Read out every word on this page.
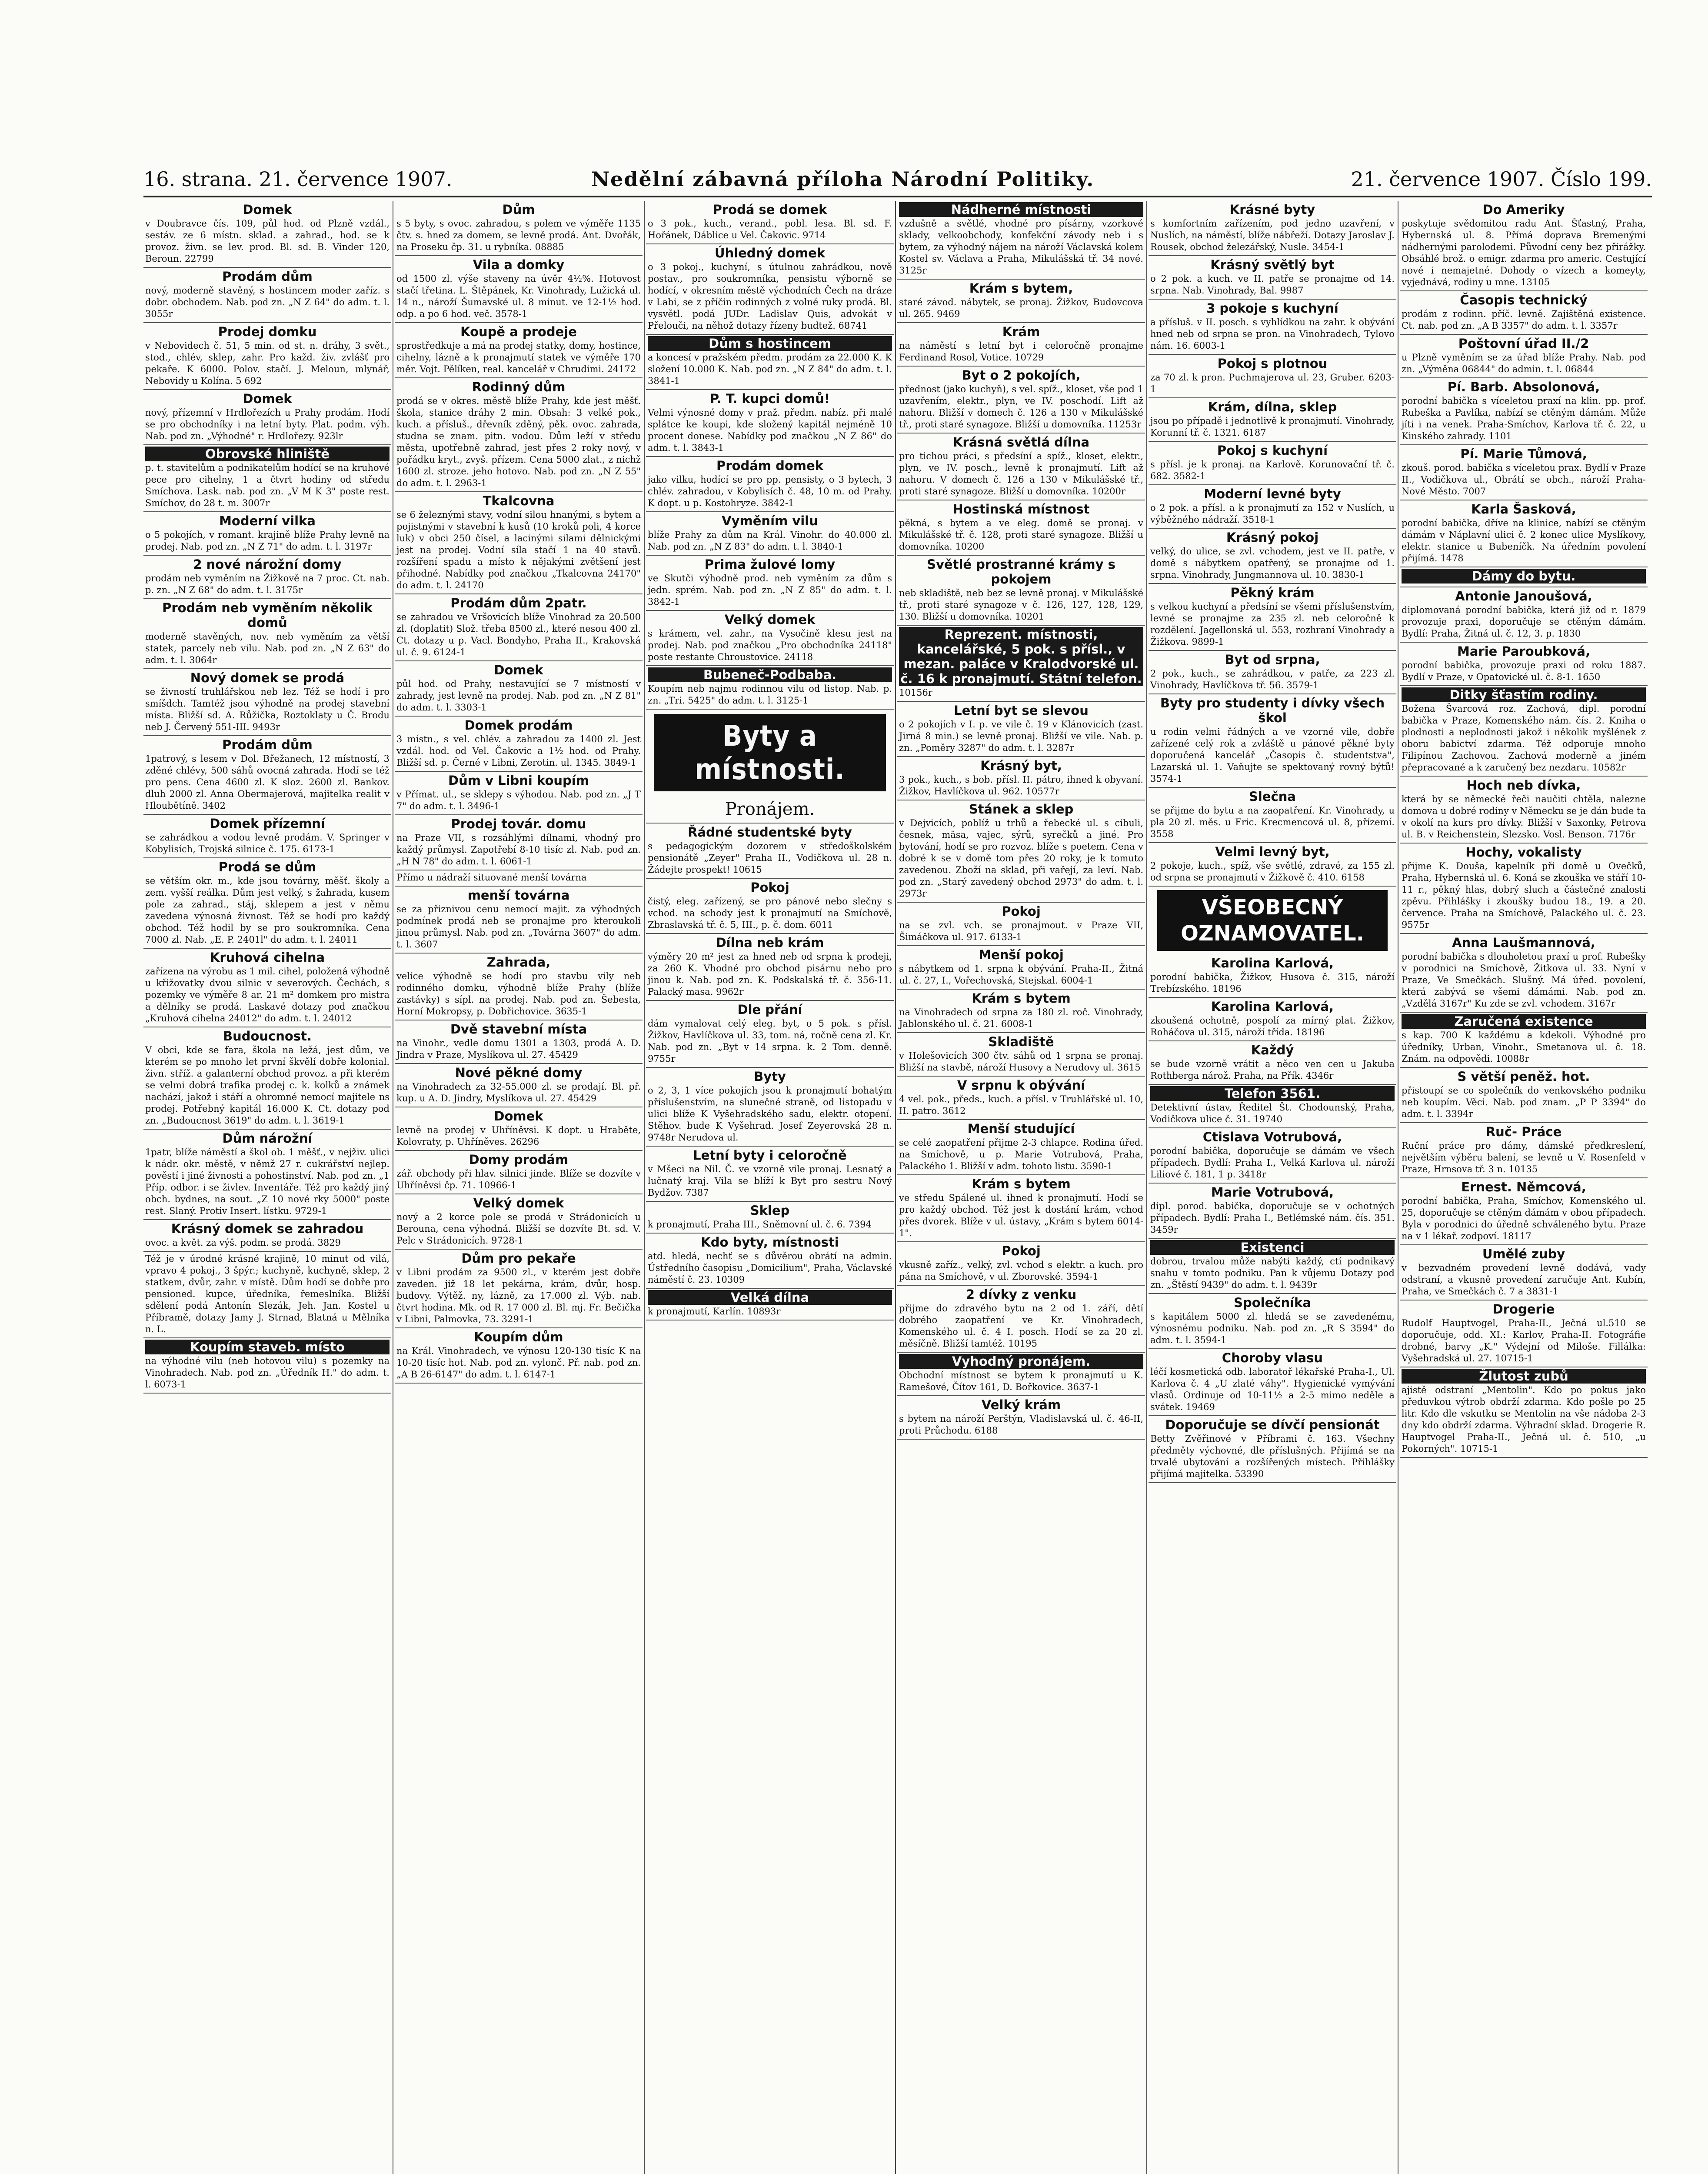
16. strana. 21. července 1907.	Nedělní zábavná příloha Národní Politiky.	21. července 1907. Číslo 199.
Domek

v Doubravce čís. 109, půl hod. od Plzně vzdál., sestáv. ze 6 místn. sklad. a zahrad., hod. se k provoz. živn. se lev. prod. Bl. sd. B. Vinder 120, Beroun. 22799

Prodám dům

nový, moderně stavěný, s hostincem moder zaříz. s dobr. obchodem. Nab. pod zn. „N Z 64" do adm. t. l. 3055r

Prodej domku

v Nebovidech č. 51, 5 min. od st. n. dráhy, 3 svět., stod., chlév, sklep, zahr. Pro každ. živ. zvlášť pro pekaře. K 6000. Polov. stačí. J. Meloun, mlynář, Nebovidy u Kolína. 5 692

Domek

nový, přízemní v Hrdlořezích u Prahy prodám. Hodí se pro obchodníky i na letní byty. Plat. podm. výh. Nab. pod zn. „Výhodné" r. Hrdlořezy. 923lr

Obrovské hliniště

p. t. stavitelům a podnikatelům hodící se na kruhové pece pro cihelny, 1 a čtvrt hodiny od středu Smíchova. Lask. nab. pod zn. „V M K 3" poste rest. Smíchov, do 28 t. m. 3007r

Moderní vilka

o 5 pokojích, v romant. krajině blíže Prahy levně na prodej. Nab. pod zn. „N Z 71" do adm. t. l. 3197r

2 nové nárožní domy

prodám neb vyměním na Žižkově na 7 proc. Ct. nab. p. zn. „N Z 68" do adm. t. l. 3175r

Prodám neb vyměním několik domů

moderně stavěných, nov. neb vyměním za větší statek, parcely neb vilu. Nab. pod zn. „N Z 63" do adm. t. l. 3064r

Nový domek se prodá

se živností truhlářskou neb lez. Též se hodí i pro smíšdch. Tamtéž jsou výhodně na prodej stavební místa. Bližší sd. A. Růžička, Roztoklaty u Č. Brodu neb J. Červený 551-III. 9493r

Prodám dům

1patrový, s lesem v Dol. Břežanech, 12 místností, 3 zděné chlévy, 500 sáhů ovocná zahrada. Hodí se též pro pens. Cena 4600 zl. K sloz. 2600 zl. Bankov. dluh 2000 zl. Anna Obermajerová, majitelka realit v Hloubětíně. 3402

Domek přízemní

se zahrádkou a vodou levně prodám. V. Springer v Kobylisích, Trojská silnice č. 175. 6173-1

Prodá se dům

se větším okr. m., kde jsou továrny, měšť. školy a zem. vyšší reálka. Dům jest velký, s žahrada, kusem pole za zahrad., stáj, sklepem a jest v němu zavedena výnosná živnost. Též se hodí pro každý obchod. Též hodil by se pro soukromníka. Cena 7000 zl. Nab. „E. P. 2401l" do adm. t. l. 24011

Kruhová cihelna

zařízena na výrobu as 1 mil. cihel, položená výhodně u křižovatky dvou silnic v severových. Čechách, s pozemky ve výměře 8 ar. 21 m² domkem pro mistra a dělníky se prodá. Laskavé dotazy pod značkou „Kruhová cihelna 24012" do adm. t. l. 24012

Budoucnost.

V obci, kde se fara, škola na ležá, jest dům, ve kterém se po mnoho let první škvělí dobře kolonial. živn. stříž. a galanterní obchod provoz. a při kterém se velmi dobrá trafika prodej c. k. kolků a známek nachází, jakož i stáří a ohromné nemocí majitele ns prodej. Potřebný kapitál 16.000 K. Ct. dotazy pod zn. „Budoucnost 3619" do adm. t. l. 3619-1

Dům nárožní

1patr, blíže náměstí a škol ob. 1 měšť., v nejživ. ulici k nádr. okr. městě, v němž 27 r. cukrářství nejlep. pověstí i jiné živnosti a pohostinství. Nab. pod zn. „1 Příp. odbor. i se živlev. Inventáře. Též pro každý jiný obch. bydnes, na sout. „Z 10 nové rky 5000" poste rest. Slaný. Protiv Insert. lístku. 9729-1

Krásný domek se zahradou

ovoc. a květ. za výš. podm. se prodá. 3829

Též je v úrodné krásné krajině, 10 minut od vilá, vpravo 4 pokoj., 3 špýr.; kuchyně, kuchyně, sklep, 2 statkem, dvůr, zahr. v místě. Dům hodí se dobře pro pensioned. kupce, úředníka, řemeslníka. Bližší sdělení podá Antonín Slezák, Jeh. Jan. Kostel u Příbramě, dotazy Jamy J. Strnad, Blatná u Mělníka n. L.

Koupím staveb. místo

na výhodné vilu (neb hotovou vilu) s pozemky na Vinohradech. Nab. pod zn. „Úředník H." do adm. t. l. 6073-1

Dům

s 5 byty, s ovoc. zahradou, s polem ve výměře 1135 čtv. s. hned za domem, se levně prodá. Ant. Dvořák, na Proseku čp. 31. u rybníka. 08885

Vila a domky

od 1500 zl. výše staveny na úvěr 4½%. Hotovost stačí třetina. L. Štěpánek, Kr. Vinohrady, Lužická ul. 14 n., nároží Šumavské ul. 8 minut. ve 12-1½ hod. odp. a po 6 hod. več. 3578-1

Koupě a prodeje

sprostředkuje a má na prodej statky, domy, hostince, cihelny, lázně a k pronajmutí statek ve výměře 170 měr. Vojt. Pělíken, real. kancelář v Chrudimi. 24172

Rodinný dům

prodá se v okres. městě blíže Prahy, kde jest měšť. škola, stanice dráhy 2 min. Obsah: 3 velké pok., kuch. a přísluš., dřevník zděný, pěk. ovoc. zahrada, studna se znam. pitn. vodou. Dům leží v středu města, upotřebně zahrad, jest přes 2 roky nový, v pořádku kryt., zvyš. přízem. Cena 5000 zlat., z nichž 1600 zl. stroze. jeho hotovo. Nab. pod zn. „N Z 55" do adm. t. l. 2963-1

Tkalcovna

se 6 železnými stavy, vodní silou hnanými, s bytem a pojistnými v stavební k kusů (10 kroků poli, 4 korce luk) v obci 250 čísel, a lacinými silami dělnickými jest na prodej. Vodní síla stačí 1 na 40 stavů. rozšíření spadu a místo k nějakými zvětšení jest přihodné. Nabídky pod značkou „Tkalcovna 24170" do adm. t. l. 24170

Prodám dům 2patr.

se zahradou ve Vršovicích blíže Vinohrad za 20.500 zl. (doplatit) Slož. třeba 8500 zl., které nesou 400 zl. Ct. dotazy u p. Vacl. Bondyho, Praha II., Krakovská ul. č. 9. 6124-1

Domek

půl hod. od Prahy, nestavující se 7 místností v zahrady, jest levně na prodej. Nab. pod zn. „N Z 81" do adm. t. l. 3303-1

Domek prodám

3 místn., s vel. chlév. a zahradou za 1400 zl. Jest vzdál. hod. od Vel. Čakovic a 1½ hod. od Prahy. Bližší sd. p. Černé v Libni, Zerotin. ul. 1345. 3849-1

Dům v Libni koupím

v Přímat. ul., se sklepy s výhodou. Nab. pod zn. „J T 7" do adm. t. l. 3496-1

Prodej továr. domu

na Praze VII, s rozsáhlými dílnami, vhodný pro každý průmysl. Zapotřebí 8-10 tisíc zl. Nab. pod zn. „H N 78" do adm. t. l. 6061-1

Přímo u nádraží situované menší továrna

menší továrna

se za přiznivou cenu nemocí majit. za výhodných podmínek prodá neb se pronajme pro kteroukoli jinou průmysl. Nab. pod zn. „Továrna 3607" do adm. t. l. 3607

Zahrada,

velice výhodně se hodí pro stavbu vily neb rodinného domku, výhodně blíže Prahy (blíže zastávky) s sípl. na prodej. Nab. pod zn. Šebesta, Horní Mokropsy, p. Dobřichovice. 3635-1

Dvě stavební místa

na Vinohr., vedle domu 1301 a 1303, prodá A. D. Jindra v Praze, Myslíkova ul. 27. 45429

Nové pěkné domy

na Vinohradech za 32-55.000 zl. se prodají. Bl. př. kup. u A. D. Jindry, Myslíkova ul. 27. 45429

Domek

levně na prodej v Uhříněvsi. K dopt. u Hraběte, Kolovraty, p. Uhříněves. 26296

Domy prodám

zář. obchody při hlav. silnici jinde. Blíže se dozvíte v Uhříněvsi čp. 71. 10966-1

Velký domek

nový a 2 korce pole se prodá v Strádonicích u Berouna, cena výhodná. Bližší se dozvíte Bt. sd. V. Pelc v Strádonicích. 9728-1

Dům pro pekaře

v Libni prodám za 9500 zl., v kterém jest dobře zaveden. již 18 let pekárna, krám, dvůr, hosp. budovy. Výtěž. ny, lázně, za 17.000 zl. Výb. nab. čtvrt hodina. Mk. od R. 17 000 zl. Bl. mj. Fr. Bečička v Libni, Palmovka, 73. 3291-1

Koupím dům

na Král. Vinohradech, ve výnosu 120-130 tisíc K na 10-20 tisíc hot. Nab. pod zn. vylonč. Př. nab. pod zn. „A B 26-6147" do adm. t. l. 6147-1

Prodá se domek

o 3 pok., kuch., verand., pobl. lesa. Bl. sd. F. Hořánek, Dáblice u Vel. Čakovic. 9714

Úhledný domek

o 3 pokoj., kuchyní, s útulnou zahrádkou, nově postav., pro soukromníka, pensistu výborně se hodící, v okresním městě východních Čech na dráze v Labi, se z příčin rodinných z volné ruky prodá. Bl. vysvětl. podá JUDr. Ladislav Quis, advokát v Přelouči, na něhož dotazy řízeny budtež. 68741

Dům s hostincem

a koncesí v pražském předm. prodám za 22.000 K. K složení 10.000 K. Nab. pod zn. „N Z 84" do adm. t. l. 3841-1

P. T. kupci domů!

Velmi výnosné domy v praž. předm. nabíz. při malé splátce ke koupi, kde složený kapitál nejméně 10 procent donese. Nabídky pod značkou „N Z 86" do adm. t. l. 3843-1

Prodám domek

jako vilku, hodící se pro pp. pensisty, o 3 bytech, 3 chlév. zahradou, v Kobylisích č. 48, 10 m. od Prahy. K dopt. u p. Kostohryze. 3842-1

Vyměním vilu

blíže Prahy za dům na Král. Vinohr. do 40.000 zl. Nab. pod zn. „N Z 83" do adm. t. l. 3840-1

Prima žulové lomy

ve Skutči výhodně prod. neb vyměním za dům s jedn. sprém. Nab. pod zn. „N Z 85" do adm. t. l. 3842-1

Velký domek

s krámem, vel. zahr., na Vysočině klesu jest na prodej. Nab. pod značkou „Pro obchodníka 24118" poste restante Chroustovice. 24118

Bubeneč-Podbaba.

Koupím neb najmu rodinnou vilu od listop. Nab. p. zn. „Tri. 5425" do adm. t. l. 3125-1

Byty a místnosti.
Pronájem.
Řádné studentské byty

s pedagogickým dozorem v středoškolském pensionátě „Zeyer" Praha II., Vodičkova ul. 28 n. Žádejte prospekt! 10615

Pokoj

čistý, eleg. zařízený, se pro pánové nebo slečny s vchod. na schody jest k pronajmutí na Smíchově, Zbraslavská tř. č. 5, III., p. č. dom. 6011

Dílna neb krám

výměry 20 m² jest za hned neb od srpna k prodeji, za 260 K. Vhodné pro obchod pisárnu nebo pro jinou k. Nab. pod zn. K. Podskalská tř. č. 356-11. Palacký masa. 9962r

Dle přání

dám vymalovat celý eleg. byt, o 5 pok. s přísl. Žižkov, Havlíčkova ul. 33, tom. ná, ročně cena zl. Kr. Nab. pod zn. „Byt v 14 srpna. k. 2 Tom. denně. 9755r

Byty

o 2, 3, 1 více pokojích jsou k pronajmutí bohatým příslušenstvím, na slunečné straně, od listopadu v ulici blíže K Vyšehradského sadu, elektr. otopení. Stěhov. bude K Vyšehrad. Josef Zeyerovská 28 n. 9748r Nerudova ul.

Letní byty i celoročně

v Mšeci na Nil. Č. ve vzorně vile pronaj. Lesnatý a lučnatý kraj. Vila se blíží k Byt pro sestru Nový Bydžov. 7387

Sklep

k pronajmutí, Praha III., Sněmovní ul. č. 6. 7394

Kdo byty, místnosti

atd. hledá, nechť se s důvěrou obrátí na admin. Ústředního časopisu „Domicilium", Praha, Václavské náměstí č. 23. 10309

Velká dílna

k pronajmutí, Karlín. 10893r

Nádherné místnosti

vzdušně a světlé, vhodné pro písárny, vzorkové sklady, velkoobchody, konfekční závody neb i s bytem, za výhodný nájem na nároží Václavská kolem Kostel sv. Václava a Praha, Mikulášská tř. 34 nové. 3125r

Krám s bytem,

staré závod. nábytek, se pronaj. Žižkov, Budovcova ul. 265. 9469

Krám

na náměstí s letní byt i celoročně pronajme Ferdinand Rosol, Votice. 10729

Byt o 2 pokojích,

přednost (jako kuchyň), s vel. spíž., kloset, vše pod 1 uzavřením, elektr., plyn, ve IV. poschodí. Lift až nahoru. Bližší v domech č. 126 a 130 v Mikulášské tř., proti staré synagoze. Bližší u domovníka. 11253r

Krásná světlá dílna

pro tichou práci, s předsíní a spíž., kloset, elektr., plyn, ve IV. posch., levně k pronajmutí. Lift až nahoru. V domech č. 126 a 130 v Mikulášské tř., proti staré synagoze. Bližší u domovníka. 10200r

Hostinská místnost

pěkná, s bytem a ve eleg. domě se pronaj. v Mikulášské tř. č. 128, proti staré synagoze. Bližší u domovníka. 10200

Světlé prostranné krámy s pokojem

neb skladiště, neb bez se levně pronaj. v Mikulášské tř., proti staré synagoze v č. 126, 127, 128, 129, 130. Bližší u domovníka. 10201

Reprezent. místnosti, kancelářské, 5 pok. s přísl., v mezan. paláce v Kralodvorské ul. č. 16 k pronajmutí. Státní telefon.

10156r

Letní byt se slevou

o 2 pokojích v I. p. ve vile č. 19 v Klánovicích (zast. Jirná 8 min.) se levně pronaj. Bližší ve vile. Nab. p. zn. „Poměry 3287" do adm. t. l. 3287r

Krásný byt,

3 pok., kuch., s bob. přísl. II. pátro, ihned k obyvaní. Žižkov, Havlíčkova ul. 962. 10577r

Stánek a sklep

v Dejvicích, poblíž u trhů a řebecké ul. s cibuli, česnek, mäsa, vajec, sýrů, syrečků a jiné. Pro bytování, hodí se pro rozvoz. blíže s poetem. Cena v dobré k se v domě tom přes 20 roky, je k tomuto zavedenou. Zboží na sklad, při vařejí, za leví. Nab. pod zn. „Starý zavedený obchod 2973" do adm. t. l. 2973r

Pokoj

na se zvl. vch. se pronajmout. v Praze VII, Šimáčkova ul. 917. 6133-1

Menší pokoj

s nábytkem od 1. srpna k obývání. Praha-II., Žitná ul. č. 27, I., Vořechovská, Stejskal. 6004-1

Krám s bytem

na Vinohradech od srpna za 180 zl. roč. Vinohrady, Jablonského ul. č. 21. 6008-1

Skladiště

v Holešovicích 300 čtv. sáhů od 1 srpna se pronaj. Bližší na stavbě, nároží Husovy a Nerudovy ul. 3615

V srpnu k obývání

4 vel. pok., předs., kuch. a přísl. v Truhlářské ul. 10, II. patro. 3612

Menší studující

se celé zaopatření přijme 2-3 chlapce. Rodina úřed. na Smíchově, u p. Marie Votrubová, Praha, Palackého 1. Bližší v adm. tohoto listu. 3590-1

Krám s bytem

ve středu Spálené ul. ihned k pronajmutí. Hodí se pro každý obchod. Též jest k dostání krám, vchod přes dvorek. Blíže v ul. ústavy, „Krám s bytem 6014-1".

Pokoj

vkusně zaříz., velký, zvl. vchod s elektr. a kuch. pro pána na Smíchově, v ul. Zborovské. 3594-1

2 dívky z venku

přijme do zdravého bytu na 2 od 1. září, dětí dobrého zaopatření ve Kr. Vinohradech, Komenského ul. č. 4 I. posch. Hodí se za 20 zl. měsíčně. Bližší tamtéž. 10195

Vyhodný pronájem.

Obchodní místnost se bytem k pronajmutí u K. Ramešové, Čítov 161, D. Bořkovice. 3637-1

Velký krám

s bytem na nároží Perštýn, Vladislavská ul. č. 46-II, proti Průchodu. 6188

Krásné byty

s komfortním zařízením, pod jedno uzavření, v Nuslích, na náměstí, blíže nábřeží. Dotazy Jaroslav J. Rousek, obchod železářský, Nusle. 3454-1

Krásný světlý byt

o 2 pok. a kuch. ve II. patře se pronajme od 14. srpna. Nab. Vinohrady, Bal. 9987

3 pokoje s kuchyní

a přísluš. v II. posch. s vyhlídkou na zahr. k obývání hned neb od srpna se pron. na Vinohradech, Tylovo nám. 16. 6003-1

Pokoj s plotnou

za 70 zl. k pron. Puchmajerova ul. 23, Gruber. 6203-1

Krám, dílna, sklep

jsou po případě i jednotlivě k pronajmutí. Vinohrady, Korunní tř. č. 1321. 6187

Pokoj s kuchyní

s přísl. je k pronaj. na Karlově. Korunovační tř. č. 682. 3582-1

Moderní levné byty

o 2 pok. a přísl. a k pronajmutí za 152 v Nuslích, u výběžného nádraží. 3518-1

Krásný pokoj

velký, do ulice, se zvl. vchodem, jest ve II. patře, v domě s nábytkem opatřený, se pronajme od 1. srpna. Vinohrady, Jungmannova ul. 10. 3830-1

Pěkný krám

s velkou kuchyní a předsíní se všemi příslušenstvím, levné se pronajme za 235 zl. neb celoročně k rozdělení. Jagellonská ul. 553, rozhraní Vinohrady a Žižkova. 9899-1

Byt od srpna,

2 pok., kuch., se zahrádkou, v patře, za 223 zl. Vinohrady, Havlíčkova tř. 56. 3579-1

Byty pro studenty i dívky všech škol

u rodin velmi řádných a ve vzorné vile, dobře zařízené celý rok a zvláště u pánové pěkné byty doporučená kancelář „Časopis č. studentstva", Lazarská ul. 1. Vaňujte se spektovaný rovný býtů! 3574-1

Slečna

se přijme do bytu a na zaopatření. Kr. Vinohrady, u pla 20 zl. měs. u Fric. Krecmencová ul. 8, přízemí. 3558

Velmi levný byt,

2 pokoje, kuch., spíž, vše světlé, zdravé, za 155 zl. od srpna se pronajmutí v Žižkově č. 410. 6158

VŠEOBECNÝ OZNAMOVATEL.
Karolina Karlová,

porodní babička, Žižkov, Husova č. 315, nároží Trebízského. 18196

Karolina Karlová,

zkoušená ochotně, pospolí za mírný plat. Žižkov, Roháčova ul. 315, nároží třída. 18196

Každý

se bude vzorně vrátit a něco ven cen u Jakuba Rothberga nárož. Praha, na Přík. 4346r

Telefon 3561.

Detektivní ústav, Ředitel Št. Chodounský, Praha, Vodičkova ulice č. 31. 19740

Ctislava Votrubová,

porodní babička, doporučuje se dámám ve všech případech. Bydlí: Praha I., Velká Karlova ul. nároží Liliové č. 181, 1 p. 3418r

Marie Votrubová,

dipl. porod. babička, doporučuje se v ochotných případech. Bydlí: Praha I., Betlémské nám. čís. 351. 3459r

Existenci

dobrou, trvalou může nabýti každý, ctí podnikavý snahu v tomto podniku. Pan k vůjemu Dotazy pod zn. „Štěstí 9439" do adm. t. l. 9439r

Společníka

s kapitálem 5000 zl. hledá se se zavedenému, výnosnému podniku. Nab. pod zn. „R S 3594" do adm. t. l. 3594-1

Choroby vlasu

léčí kosmetická odb. laboratoř lékařské Praha-I., Ul. Karlova č. 4 „U zlaté váhy". Hygienické vymývání vlasů. Ordinuje od 10-11½ a 2-5 mimo neděle a svátek. 19469

Doporučuje se dívčí pensionát

Betty Zvěřinové v Příbrami č. 163. Všechny předměty výchovné, dle příslušných. Přijímá se na trvalé ubytování a rozšířených místech. Přihlášky přijímá majitelka. 53390

Do Ameriky

poskytuje svědomitou radu Ant. Šťastný, Praha, Hybernská ul. 8. Přímá doprava Bremenými nádhernými parolodemi. Původní ceny bez přirážky. Obsáhlé brož. o emigr. zdarma pro americ. Cestující nové i nemajetné. Dohody o vízech a komeyty, vyjednává, rodiny u mne. 13105

Časopis technický

prodám z rodinn. příč. levně. Zajištěná existence. Ct. nab. pod zn. „A B 3357" do adm. t. l. 3357r

Poštovní úřad II./2

u Plzně vyměním se za úřad blíže Prahy. Nab. pod zn. „Výměna 06844" do admin. t. l. 06844

Pí. Barb. Absolonová,

porodní babička s víceletou praxí na klin. pp. prof. Rubeška a Pavlíka, nabízí se ctěným dámám. Může jíti i na venek. Praha-Smíchov, Karlova tř. č. 22, u Kinského zahrady. 1101

Pí. Marie Tůmová,

zkouš. porod. babička s víceletou prax. Bydlí v Praze II., Vodičkova ul., Obrátí se obch., nároží Praha-Nové Město. 7007

Karla Šasková,

porodní babička, dříve na klinice, nabízí se ctěným dámám v Náplavní ulici č. 2 konec ulice Myslíkovy, elektr. stanice u Bubeníčk. Na úředním povolení přijímá. 1478

Dámy do bytu.
Antonie Janoušová,

diplomovaná porodní babička, která již od r. 1879 provozuje praxi, doporučuje se ctěným dámám. Bydlí: Praha, Žitná ul. č. 12, 3. p. 1830

Marie Paroubková,

porodní babička, provozuje praxi od roku 1887. Bydlí v Praze, v Opatovické ul. č. 8-1. 1650

Ditky šťastím rodiny.

Božena Švarcová roz. Zachová, dipl. porodní babička v Praze, Komenského nám. čís. 2. Kniha o plodnosti a neplodnosti jakož i několik myšlének z oboru babictví zdarma. Též odporuje mnoho Filipínou Zachovou. Zachová moderně a jiném přepracované a k zaručený bez nezdaru. 10582r

Hoch neb dívka,

která by se německé řeči naučiti chtěla, nalezne domova u dobré rodiny v Německu se je dán bude ta v okolí na kurs pro dívky. Bližší v Saxonky, Petrova ul. B. v Reichenstein, Slezsko. Vosl. Benson. 7176r

Hochy, vokalisty

přijme K. Douša, kapelník při domě u Ovečků, Praha, Hybernská ul. 6. Koná se zkouška ve stáří 10-11 r., pěkný hlas, dobrý sluch a částečné znalosti zpěvu. Přihlášky i zkoušky budou 18., 19. a 20. července. Praha na Smíchově, Palackého ul. č. 23. 9575r

Anna Laušmannová,

porodní babička s dlouholetou praxí u prof. Rubešky v porodnici na Smíchově, Žitkova ul. 33. Nyní v Praze, Ve Smečkách. Slušný. Má úřed. povolení, která zabývá se všemi dámámi. Nab. pod zn. „Vzdělá 3167r" Ku zde se zvl. vchodem. 3167r

Zaručená existence

s kap. 700 K každému a kdekoli. Výhodné pro úředníky, Urban, Vinohr., Smetanova ul. č. 18. Znám. na odpovědi. 10088r

S větší peněž. hot.

přistoupí se co společník do venkovského podniku neb koupím. Věci. Nab. pod znam. „P P 3394" do adm. t. l. 3394r

Ruč- Práce

Ruční práce pro dámy, dámské předkreslení, největším výběru balení, se levně u V. Rosenfeld v Praze, Hrnsova tř. 3 n. 10135

Ernest. Němcová,

porodní babička, Praha, Smíchov, Komenského ul. 25, doporučuje se ctěným dámám v obou případech. Byla v porodnici do úředně schváleného bytu. Praze na v 1 lékař. zodpoví. 18117

Umělé zuby

v bezvadném provedení levně dodává, vady odstraní, a vkusně provedení zaručuje Ant. Kubín, Praha, ve Smečkách č. 7 a 3831-1

Drogerie

Rudolf Hauptvogel, Praha-II., Ječná ul.510 se doporučuje, odd. XI.: Karlov, Praha-II. Fotográfie drobné, barvy „K." Výdejní od Miloše. Fillálka: Vyšehradská ul. 27. 10715-1

Žlutost zubů

ajistě odstraní „Mentolin". Kdo po pokus jako předuvkou výtrob obdrží zdarma. Kdo pošle po 25 litr. Kdo dle vskutku se Mentolin na vše nádoba 2-3 dny kdo obdrží zdarma. Výhradní sklad. Drogerie R. Hauptvogel Praha-II., Ječná ul. č. 510, „u Pokorných". 10715-1
